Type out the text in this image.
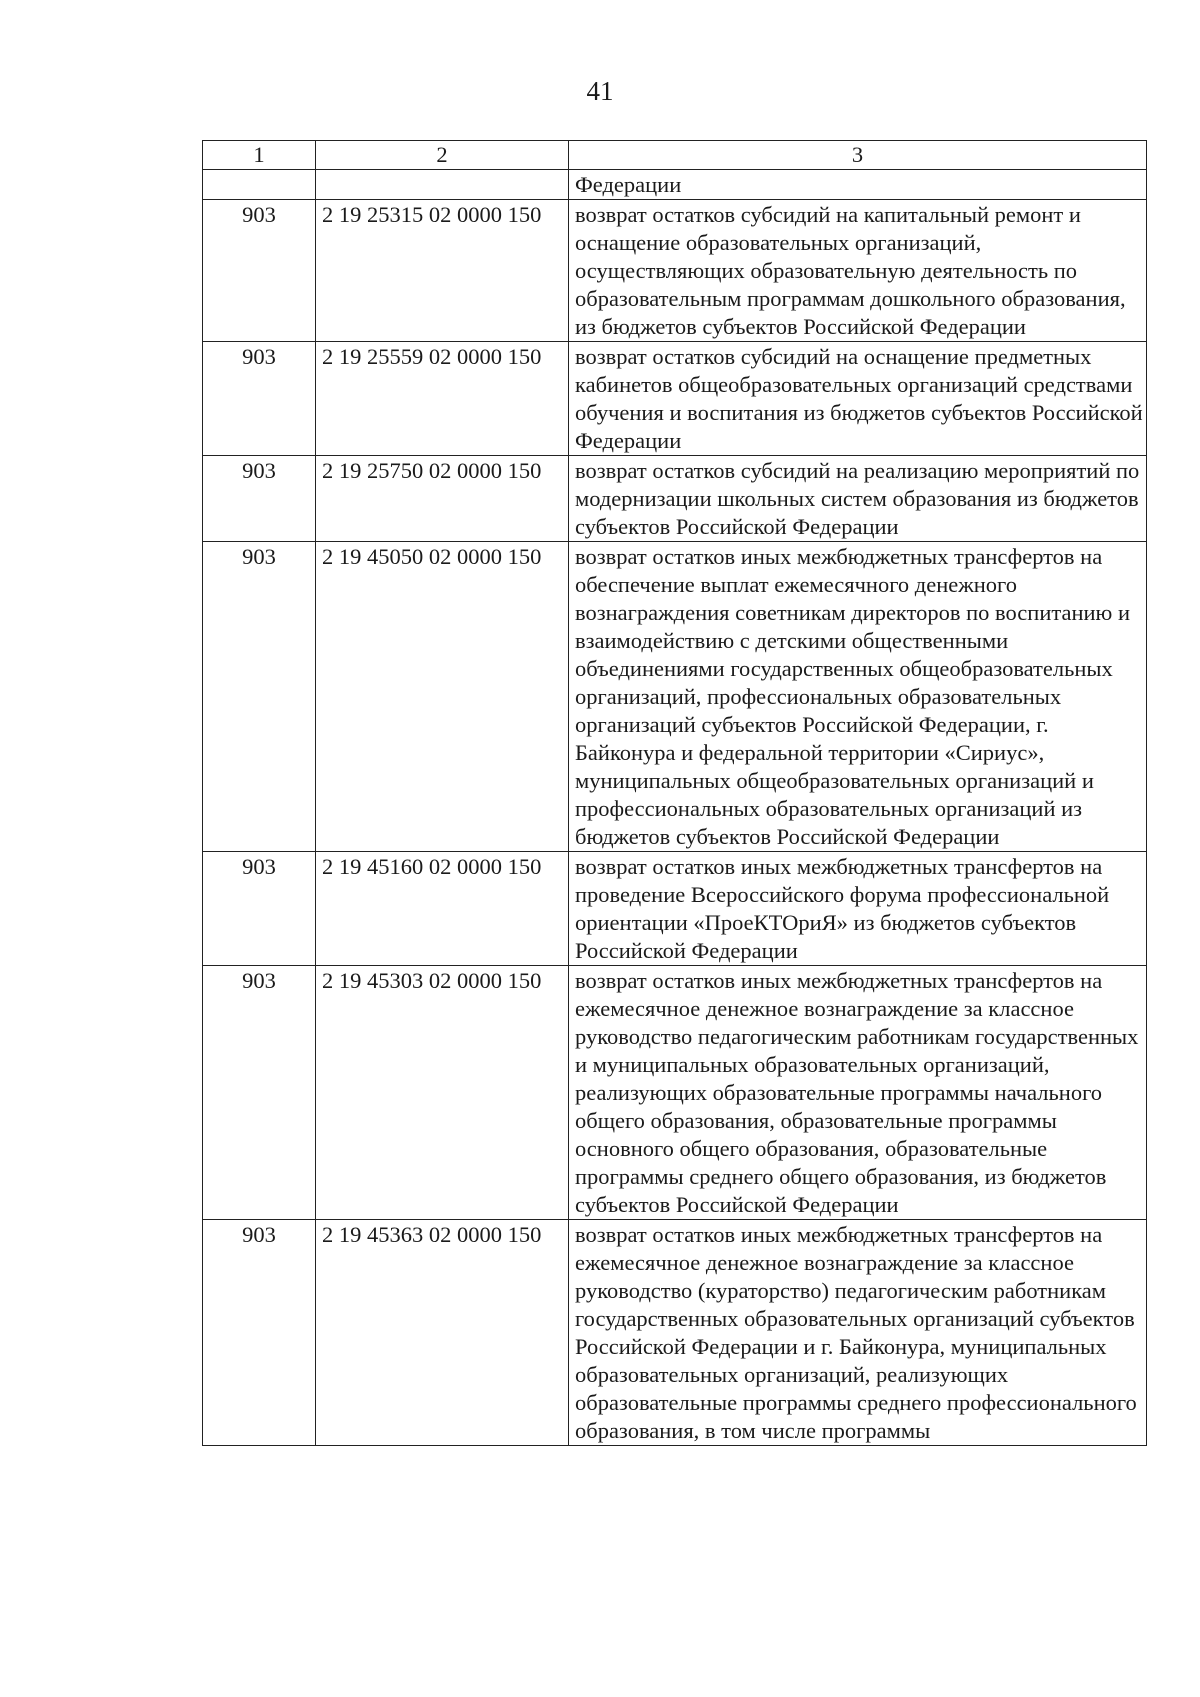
41
1	2	3
		Федерации
903	2 19 25315 02 0000 150	возврат остатков субсидий на капитальный ремонт и оснащение образовательных организаций, осуществляющих образовательную деятельность по образовательным программам дошкольного образования, из бюджетов субъектов Российской Федерации
903	2 19 25559 02 0000 150	возврат остатков субсидий на оснащение предметных кабинетов общеобразовательных организаций средствами обучения и воспитания из бюджетов субъектов Российской Федерации
903	2 19 25750 02 0000 150	возврат остатков субсидий на реализацию мероприятий по модернизации школьных систем образования из бюджетов субъектов Российской Федерации
903	2 19 45050 02 0000 150	возврат остатков иных межбюджетных трансфертов на обеспечение выплат ежемесячного денежного вознаграждения советникам директоров по воспитанию и взаимодействию с детскими общественными объединениями государственных общеобразовательных организаций, профессиональных образовательных организаций субъектов Российской Федерации, г. Байконура и федеральной территории «Сириус», муниципальных общеобразовательных организаций и профессиональных образовательных организаций из бюджетов субъектов Российской Федерации
903	2 19 45160 02 0000 150	возврат остатков иных межбюджетных трансфертов на проведение Всероссийского форума профессиональной ориентации «ПроеКТОриЯ» из бюджетов субъектов Российской Федерации
903	2 19 45303 02 0000 150	возврат остатков иных межбюджетных трансфертов на ежемесячное денежное вознаграждение за классное руководство педагогическим работникам государственных и муниципальных образовательных организаций, реализующих образовательные программы начального общего образования, образовательные программы основного общего образования, образовательные программы среднего общего образования, из бюджетов субъектов Российской Федерации
903	2 19 45363 02 0000 150	возврат остатков иных межбюджетных трансфертов на ежемесячное денежное вознаграждение за классное руководство (кураторство) педагогическим работникам государственных образовательных организаций субъектов Российской Федерации и г. Байконура, муниципальных образовательных организаций, реализующих образовательные программы среднего профессионального образования, в том числе программы
